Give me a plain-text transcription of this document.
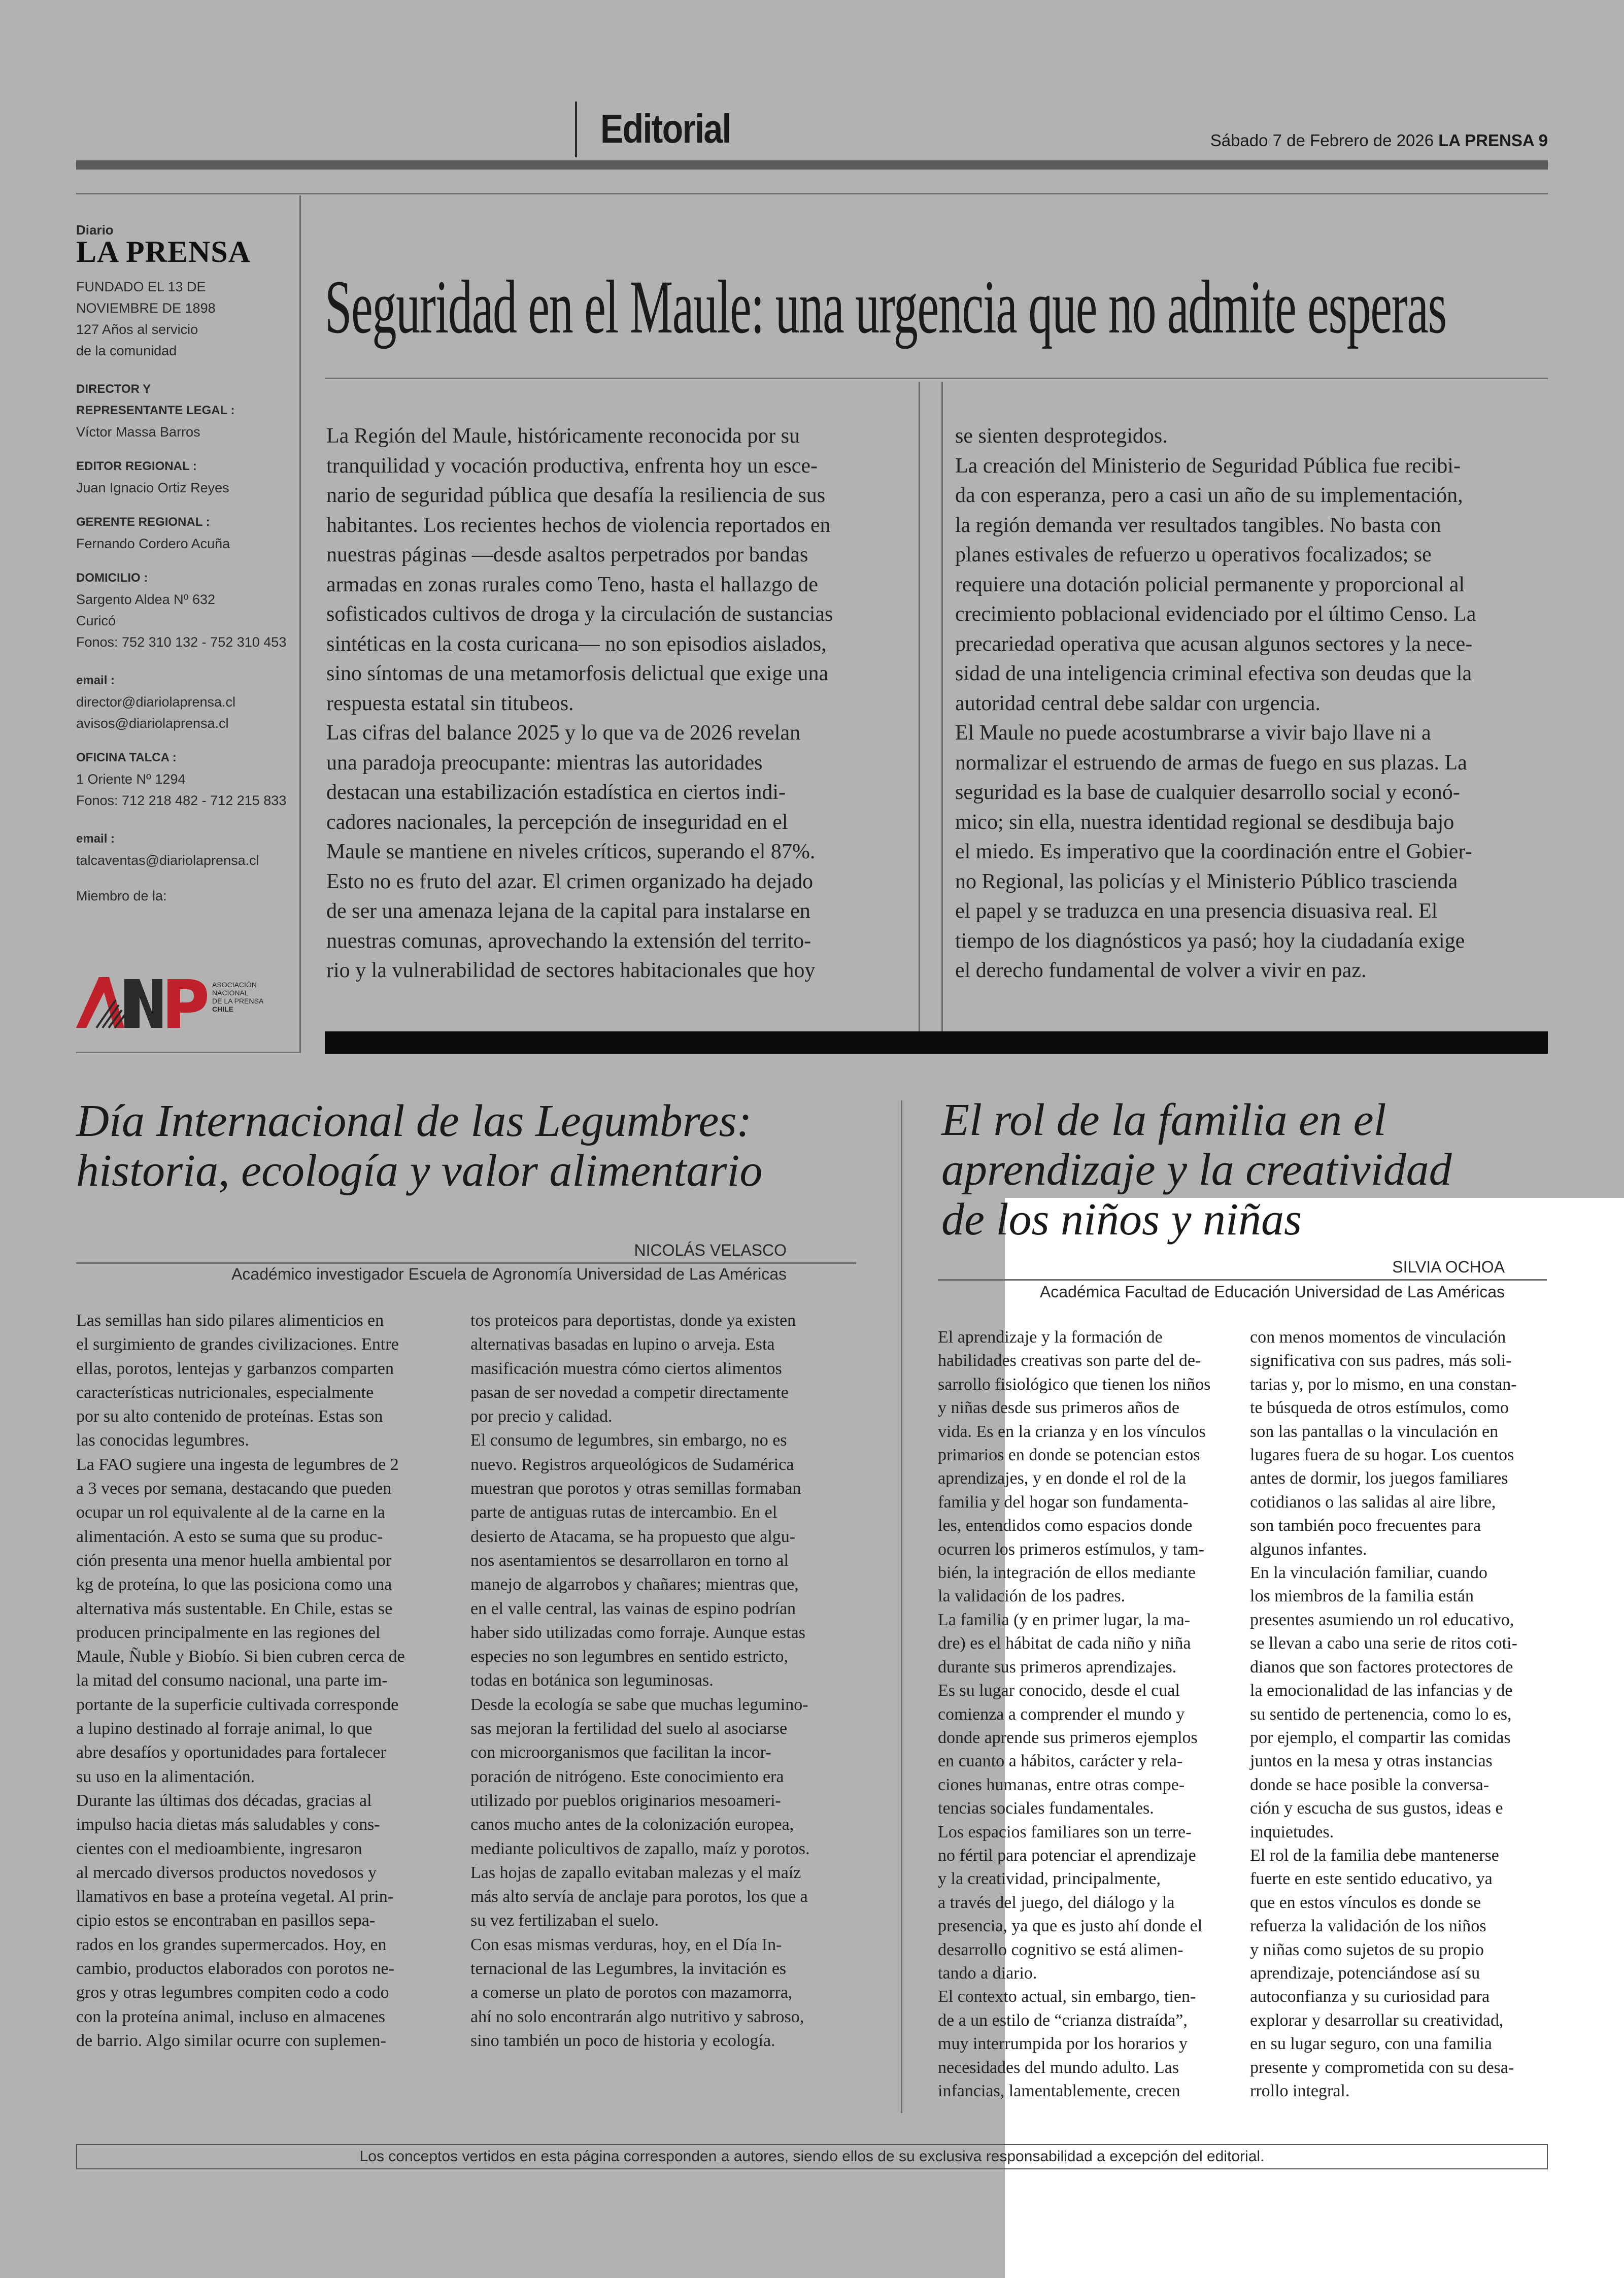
Editorial	Sábado 7 de Febrero de 2026 LA PRENSA 9
Diario
LA PRENSA
FUNDADO EL 13 DE
NOVIEMBRE DE 1898
127 Años al servicio
de la comunidad
DIRECTOR Y
REPRESENTANTE LEGAL :
Víctor Massa Barros
EDITOR REGIONAL :
Juan Ignacio Ortiz Reyes
GERENTE REGIONAL :
Fernando Cordero Acuña
DOMICILIO :
Sargento Aldea Nº 632
Curicó
Fonos: 752 310 132 - 752 310 453
email :
director@diariolaprensa.cl
avisos@diariolaprensa.cl
OFICINA TALCA :
1 Oriente Nº 1294
Fonos: 712 218 482 - 712 215 833
email :
talcaventas@diariolaprensa.cl
Miembro de la:
ASOCIACIÓN
NACIONAL
DE LA PRENSA
CHILE
Seguridad en el Maule: una urgencia que no admite esperas

La Región del Maule, históricamente reconocida por su

tranquilidad y vocación productiva, enfrenta hoy un esce-

nario de seguridad pública que desafía la resiliencia de sus

habitantes. Los recientes hechos de violencia reportados en

nuestras páginas —desde asaltos perpetrados por bandas

armadas en zonas rurales como Teno, hasta el hallazgo de

sofisticados cultivos de droga y la circulación de sustancias

sintéticas en la costa curicana— no son episodios aislados,

sino síntomas de una metamorfosis delictual que exige una

respuesta estatal sin titubeos.

Las cifras del balance 2025 y lo que va de 2026 revelan

una paradoja preocupante: mientras las autoridades

destacan una estabilización estadística en ciertos indi-

cadores nacionales, la percepción de inseguridad en el

Maule se mantiene en niveles críticos, superando el 87%.

Esto no es fruto del azar. El crimen organizado ha dejado

de ser una amenaza lejana de la capital para instalarse en

nuestras comunas, aprovechando la extensión del territo-

rio y la vulnerabilidad de sectores habitacionales que hoy

se sienten desprotegidos.

La creación del Ministerio de Seguridad Pública fue recibi-

da con esperanza, pero a casi un año de su implementación,

la región demanda ver resultados tangibles. No basta con

planes estivales de refuerzo u operativos focalizados; se

requiere una dotación policial permanente y proporcional al

crecimiento poblacional evidenciado por el último Censo. La

precariedad operativa que acusan algunos sectores y la nece-

sidad de una inteligencia criminal efectiva son deudas que la

autoridad central debe saldar con urgencia.

El Maule no puede acostumbrarse a vivir bajo llave ni a

normalizar el estruendo de armas de fuego en sus plazas. La

seguridad es la base de cualquier desarrollo social y econó-

mico; sin ella, nuestra identidad regional se desdibuja bajo

el miedo. Es imperativo que la coordinación entre el Gobier-

no Regional, las policías y el Ministerio Público trascienda

el papel y se traduzca en una presencia disuasiva real. El

tiempo de los diagnósticos ya pasó; hoy la ciudadanía exige

el derecho fundamental de volver a vivir en paz.

Día Internacional de las Legumbres:
historia, ecología y valor alimentario
NICOLÁS VELASCO
Académico investigador Escuela de Agronomía Universidad de Las Américas

Las semillas han sido pilares alimenticios en

el surgimiento de grandes civilizaciones. Entre

ellas, porotos, lentejas y garbanzos comparten

características nutricionales, especialmente

por su alto contenido de proteínas. Estas son

las conocidas legumbres.

La FAO sugiere una ingesta de legumbres de 2

a 3 veces por semana, destacando que pueden

ocupar un rol equivalente al de la carne en la

alimentación. A esto se suma que su produc-

ción presenta una menor huella ambiental por

kg de proteína, lo que las posiciona como una

alternativa más sustentable. En Chile, estas se

producen principalmente en las regiones del

Maule, Ñuble y Biobío. Si bien cubren cerca de

la mitad del consumo nacional, una parte im-

portante de la superficie cultivada corresponde

a lupino destinado al forraje animal, lo que

abre desafíos y oportunidades para fortalecer

su uso en la alimentación.

Durante las últimas dos décadas, gracias al

impulso hacia dietas más saludables y cons-

cientes con el medioambiente, ingresaron

al mercado diversos productos novedosos y

llamativos en base a proteína vegetal. Al prin-

cipio estos se encontraban en pasillos sepa-

rados en los grandes supermercados. Hoy, en

cambio, productos elaborados con porotos ne-

gros y otras legumbres compiten codo a codo

con la proteína animal, incluso en almacenes

de barrio. Algo similar ocurre con suplemen-

tos proteicos para deportistas, donde ya existen

alternativas basadas en lupino o arveja. Esta

masificación muestra cómo ciertos alimentos

pasan de ser novedad a competir directamente

por precio y calidad.

El consumo de legumbres, sin embargo, no es

nuevo. Registros arqueológicos de Sudamérica

muestran que porotos y otras semillas formaban

parte de antiguas rutas de intercambio. En el

desierto de Atacama, se ha propuesto que algu-

nos asentamientos se desarrollaron en torno al

manejo de algarrobos y chañares; mientras que,

en el valle central, las vainas de espino podrían

haber sido utilizadas como forraje. Aunque estas

especies no son legumbres en sentido estricto,

todas en botánica son leguminosas.

Desde la ecología se sabe que muchas legumino-

sas mejoran la fertilidad del suelo al asociarse

con microorganismos que facilitan la incor-

poración de nitrógeno. Este conocimiento era

utilizado por pueblos originarios mesoameri-

canos mucho antes de la colonización europea,

mediante policultivos de zapallo, maíz y porotos.

Las hojas de zapallo evitaban malezas y el maíz

más alto servía de anclaje para porotos, los que a

su vez fertilizaban el suelo.

Con esas mismas verduras, hoy, en el Día In-

ternacional de las Legumbres, la invitación es

a comerse un plato de porotos con mazamorra,

ahí no solo encontrarán algo nutritivo y sabroso,

sino también un poco de historia y ecología.

El rol de la familia en el
aprendizaje y la creatividad
de los niños y niñas
SILVIA OCHOA
Académica Facultad de Educación Universidad de Las Américas

El aprendizaje y la formación de

habilidades creativas son parte del de-

sarrollo fisiológico que tienen los niños

y niñas desde sus primeros años de

vida. Es en la crianza y en los vínculos

primarios en donde se potencian estos

aprendizajes, y en donde el rol de la

familia y del hogar son fundamenta-

les, entendidos como espacios donde

ocurren los primeros estímulos, y tam-

bién, la integración de ellos mediante

la validación de los padres.

La familia (y en primer lugar, la ma-

dre) es el hábitat de cada niño y niña

durante sus primeros aprendizajes.

Es su lugar conocido, desde el cual

comienza a comprender el mundo y

donde aprende sus primeros ejemplos

en cuanto a hábitos, carácter y rela-

ciones humanas, entre otras compe-

tencias sociales fundamentales.

Los espacios familiares son un terre-

no fértil para potenciar el aprendizaje

y la creatividad, principalmente,

a través del juego, del diálogo y la

presencia, ya que es justo ahí donde el

desarrollo cognitivo se está alimen-

tando a diario.

El contexto actual, sin embargo, tien-

de a un estilo de “crianza distraída”,

muy interrumpida por los horarios y

necesidades del mundo adulto. Las

infancias, lamentablemente, crecen

con menos momentos de vinculación

significativa con sus padres, más soli-

tarias y, por lo mismo, en una constan-

te búsqueda de otros estímulos, como

son las pantallas o la vinculación en

lugares fuera de su hogar. Los cuentos

antes de dormir, los juegos familiares

cotidianos o las salidas al aire libre,

son también poco frecuentes para

algunos infantes.

En la vinculación familiar, cuando

los miembros de la familia están

presentes asumiendo un rol educativo,

se llevan a cabo una serie de ritos coti-

dianos que son factores protectores de

la emocionalidad de las infancias y de

su sentido de pertenencia, como lo es,

por ejemplo, el compartir las comidas

juntos en la mesa y otras instancias

donde se hace posible la conversa-

ción y escucha de sus gustos, ideas e

inquietudes.

El rol de la familia debe mantenerse

fuerte en este sentido educativo, ya

que en estos vínculos es donde se

refuerza la validación de los niños

y niñas como sujetos de su propio

aprendizaje, potenciándose así su

autoconfianza y su curiosidad para

explorar y desarrollar su creatividad,

en su lugar seguro, con una familia

presente y comprometida con su desa-

rrollo integral.

Los conceptos vertidos en esta página corresponden a autores, siendo ellos de su exclusiva responsabilidad a excepción del editorial.
